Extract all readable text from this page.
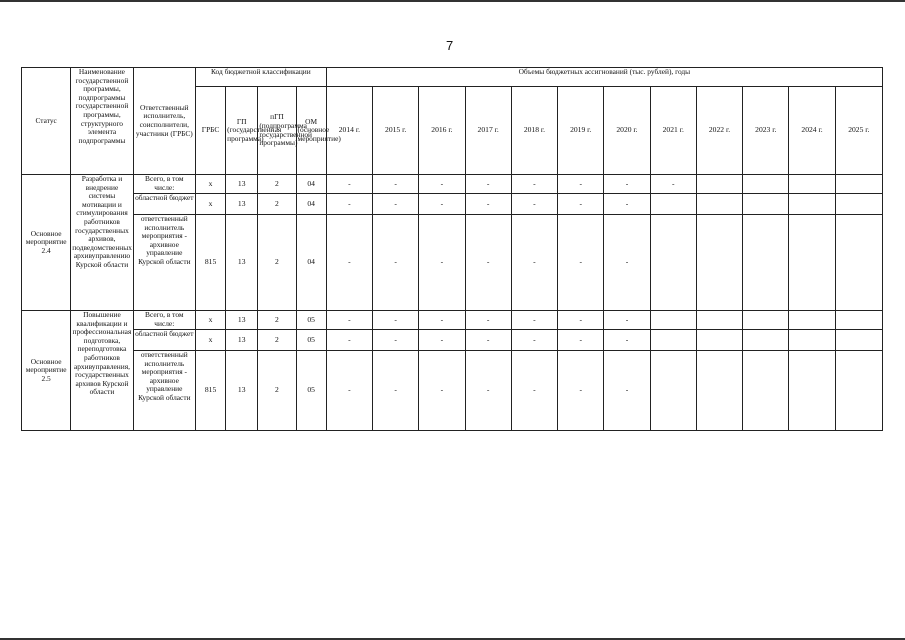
7
Статус	Наименование государственной программы, подпрограммы государственной программы, структурного элемента подпрограммы	Ответственный исполнитель, соисполнители, участники (ГРБС)	Код бюджетной классификации				Объемы бюджетных ассигнований (тыс. рублей), годы											
			ГРБС	ГП (государственная программа)	пГП (подпрограмма государственной программы)	ОМ (основное мероприятие)	2014 г.	2015 г.	2016 г.	2017 г.	2018 г.	2019 г.	2020 г.	2021 г.	2022 г.	2023 г.	2024 г.	2025 г.
Основное мероприятие 2.4	Разработка и внедрение системы мотивации и стимулирования работников государственных архивов, подведомственных архивуправлению Курской области	Всего, в том числе:	х	13	2	04	-	-	-	-	-	-	-	-				
		областной бюджет	х	13	2	04	-	-	-	-	-	-	-					
		ответственный исполнитель мероприятия - архивное управление Курской области	815	13	2	04	-	-	-	-	-	-	-					
Основное мероприятие 2.5	Повышение квалификации и профессиональная подготовка, переподготовка работников архивуправления, государственных архивов Курской области	Всего, в том числе:	х	13	2	05	-	-	-	-	-	-	-					
		областной бюджет	х	13	2	05	-	-	-	-	-	-	-					
		ответственный исполнитель мероприятия - архивное управление Курской области	815	13	2	05	-	-	-	-	-	-	-					
